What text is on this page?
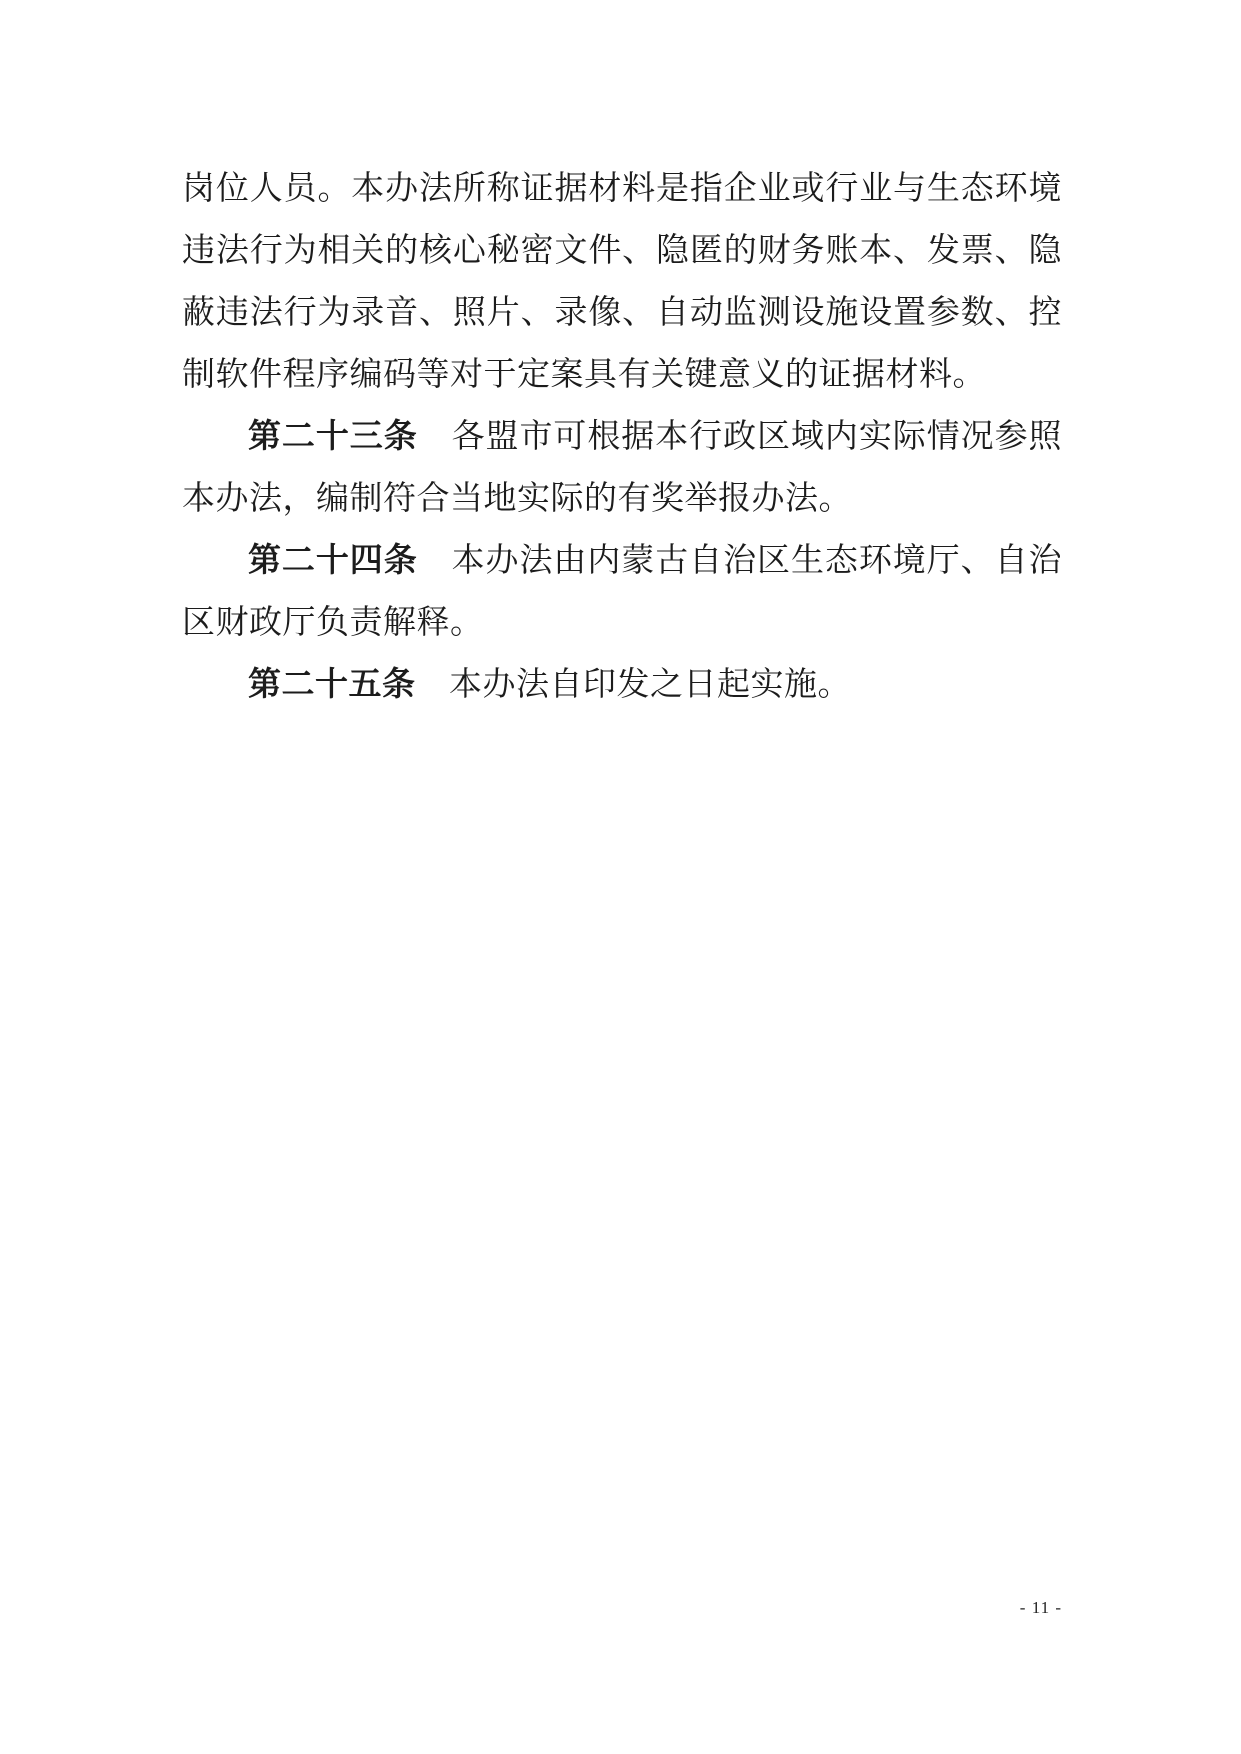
岗位人员。本办法所称证据材料是指企业或行业与生态环境违法行为相关的核心秘密文件、隐匿的财务账本、发票、隐蔽违法行为录音、照片、录像、自动监测设施设置参数、控制软件程序编码等对于定案具有关键意义的证据材料。

第二十三条　各盟市可根据本行政区域内实际情况参照本办法，编制符合当地实际的有奖举报办法。

第二十四条　本办法由内蒙古自治区生态环境厅、自治区财政厅负责解释。

第二十五条　本办法自印发之日起实施。

- 11 -
